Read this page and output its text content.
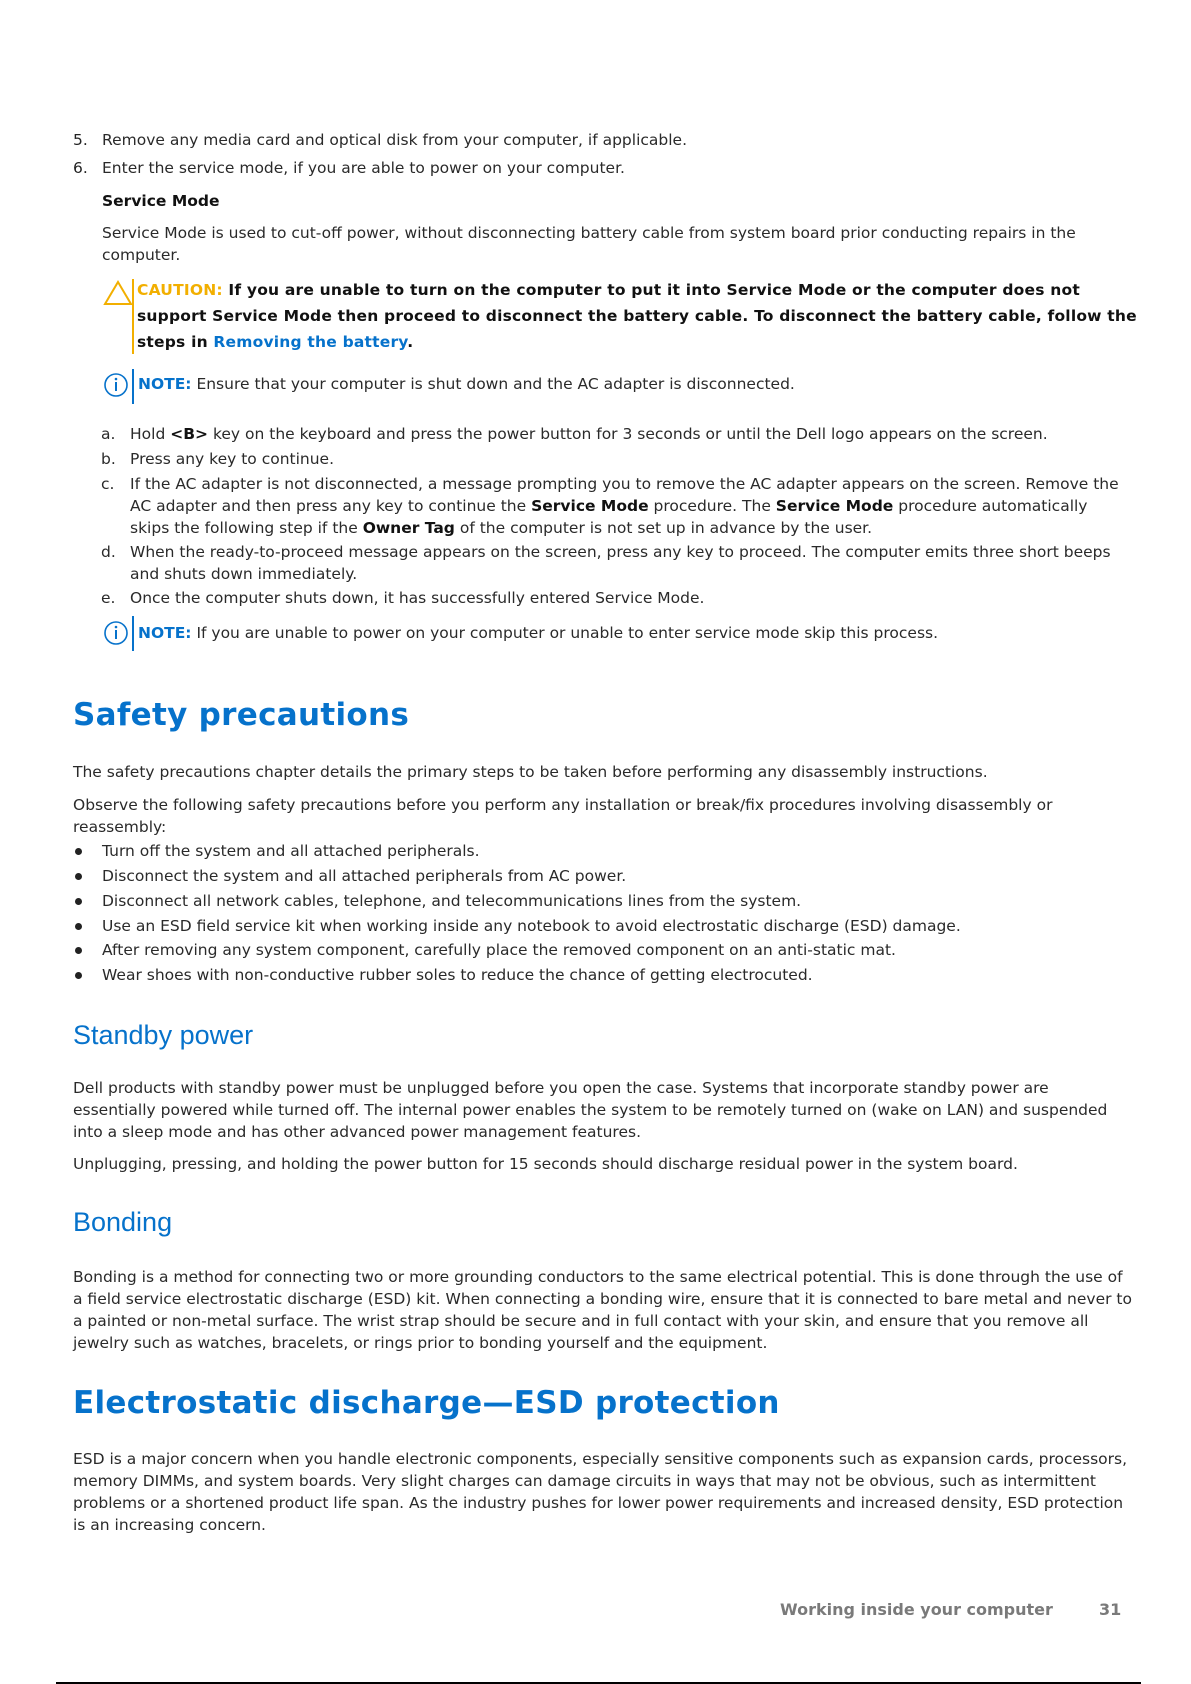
5. Remove any media card and optical disk from your computer, if applicable.
6. Enter the service mode, if you are able to power on your computer.
Service Mode
Service Mode is used to cut-off power, without disconnecting battery cable from system board prior conducting repairs in the computer.
CAUTION: If you are unable to turn on the computer to put it into Service Mode or the computer does not support Service Mode then proceed to disconnect the battery cable. To disconnect the battery cable, follow the steps in Removing the battery.
NOTE: Ensure that your computer is shut down and the AC adapter is disconnected.
a. Hold <B> key on the keyboard and press the power button for 3 seconds or until the Dell logo appears on the screen.
b. Press any key to continue.
c. If the AC adapter is not disconnected, a message prompting you to remove the AC adapter appears on the screen. Remove the AC adapter and then press any key to continue the Service Mode procedure. The Service Mode procedure automatically skips the following step if the Owner Tag of the computer is not set up in advance by the user.
d. When the ready-to-proceed message appears on the screen, press any key to proceed. The computer emits three short beeps and shuts down immediately.
e. Once the computer shuts down, it has successfully entered Service Mode.
NOTE: If you are unable to power on your computer or unable to enter service mode skip this process.
Safety precautions
The safety precautions chapter details the primary steps to be taken before performing any disassembly instructions.
Observe the following safety precautions before you perform any installation or break/fix procedures involving disassembly or reassembly:
Turn off the system and all attached peripherals.
Disconnect the system and all attached peripherals from AC power.
Disconnect all network cables, telephone, and telecommunications lines from the system.
Use an ESD field service kit when working inside any notebook to avoid electrostatic discharge (ESD) damage.
After removing any system component, carefully place the removed component on an anti-static mat.
Wear shoes with non-conductive rubber soles to reduce the chance of getting electrocuted.
Standby power
Dell products with standby power must be unplugged before you open the case. Systems that incorporate standby power are essentially powered while turned off. The internal power enables the system to be remotely turned on (wake on LAN) and suspended into a sleep mode and has other advanced power management features.
Unplugging, pressing, and holding the power button for 15 seconds should discharge residual power in the system board.
Bonding
Bonding is a method for connecting two or more grounding conductors to the same electrical potential. This is done through the use of a field service electrostatic discharge (ESD) kit. When connecting a bonding wire, ensure that it is connected to bare metal and never to a painted or non-metal surface. The wrist strap should be secure and in full contact with your skin, and ensure that you remove all jewelry such as watches, bracelets, or rings prior to bonding yourself and the equipment.
Electrostatic discharge—ESD protection
ESD is a major concern when you handle electronic components, especially sensitive components such as expansion cards, processors, memory DIMMs, and system boards. Very slight charges can damage circuits in ways that may not be obvious, such as intermittent problems or a shortened product life span. As the industry pushes for lower power requirements and increased density, ESD protection is an increasing concern.
Working inside your computer	31
